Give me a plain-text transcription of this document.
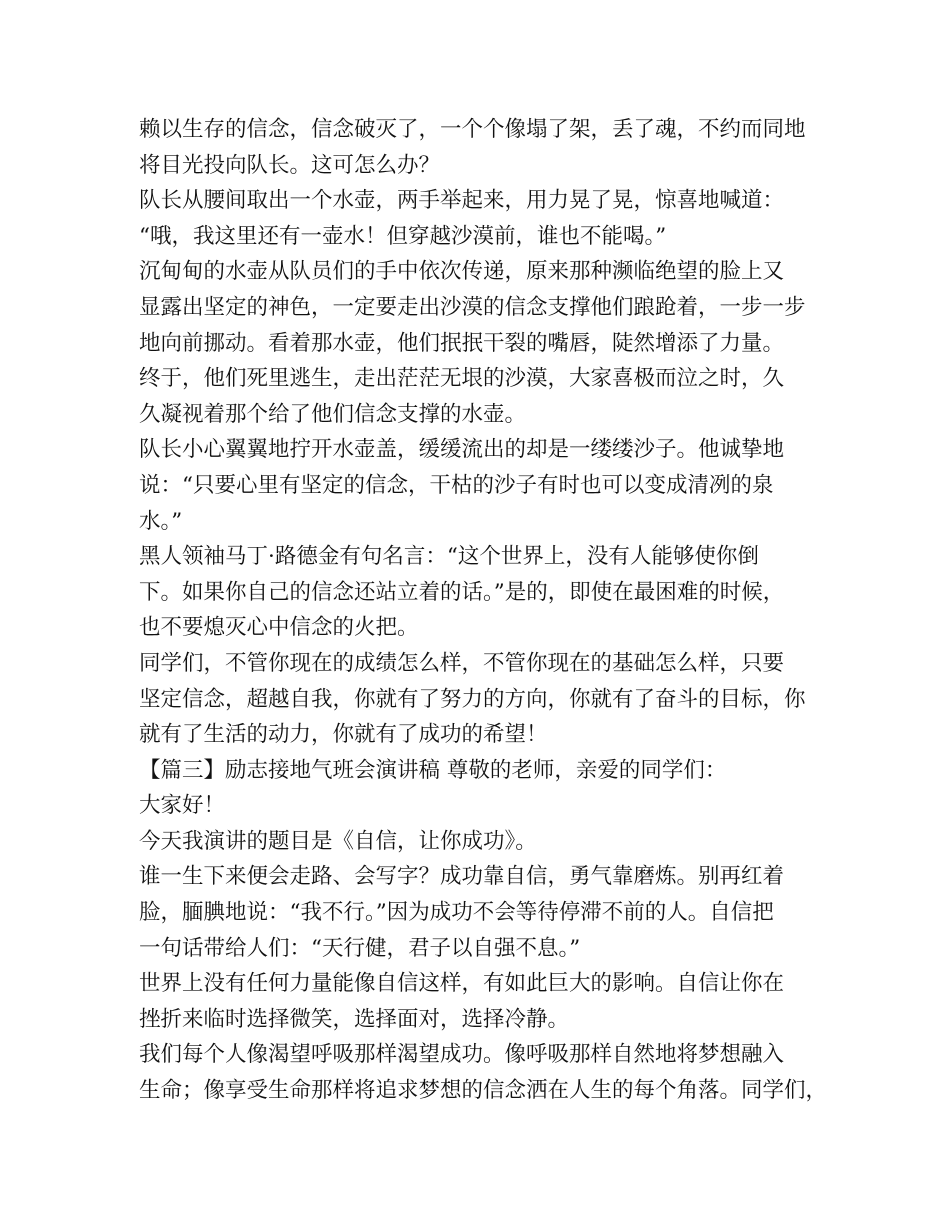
赖以生存的信念，信念破灭了，一个个像塌了架，丢了魂，不约而同地
将目光投向队长。这可怎么办？
队长从腰间取出一个水壶，两手举起来，用力晃了晃，惊喜地喊道：
“哦，我这里还有一壶水！但穿越沙漠前，谁也不能喝。”
沉甸甸的水壶从队员们的手中依次传递，原来那种濒临绝望的脸上又
显露出坚定的神色，一定要走出沙漠的信念支撑他们踉跄着，一步一步
地向前挪动。看着那水壶，他们抿抿干裂的嘴唇，陡然增添了力量。
终于，他们死里逃生，走出茫茫无垠的沙漠，大家喜极而泣之时，久
久凝视着那个给了他们信念支撑的水壶。
队长小心翼翼地拧开水壶盖，缓缓流出的却是一缕缕沙子。他诚挚地
说：“只要心里有坚定的信念，干枯的沙子有时也可以变成清冽的泉
水。”
黑人领袖马丁·路德金有句名言：“这个世界上，没有人能够使你倒
下。如果你自己的信念还站立着的话。”是的，即使在最困难的时候，
也不要熄灭心中信念的火把。
同学们，不管你现在的成绩怎么样，不管你现在的基础怎么样，只要
坚定信念，超越自我，你就有了努力的方向，你就有了奋斗的目标，你
就有了生活的动力，你就有了成功的希望！
【篇三】励志接地气班会演讲稿 尊敬的老师，亲爱的同学们：
大家好！
今天我演讲的题目是《自信，让你成功》。
谁一生下来便会走路、会写字？成功靠自信，勇气靠磨炼。别再红着
脸，腼腆地说：“我不行。”因为成功不会等待停滞不前的人。自信把
一句话带给人们：“天行健，君子以自强不息。”
世界上没有任何力量能像自信这样，有如此巨大的影响。自信让你在
挫折来临时选择微笑，选择面对，选择冷静。
我们每个人像渴望呼吸那样渴望成功。像呼吸那样自然地将梦想融入
生命；像享受生命那样将追求梦想的信念洒在人生的每个角落。同学们，
